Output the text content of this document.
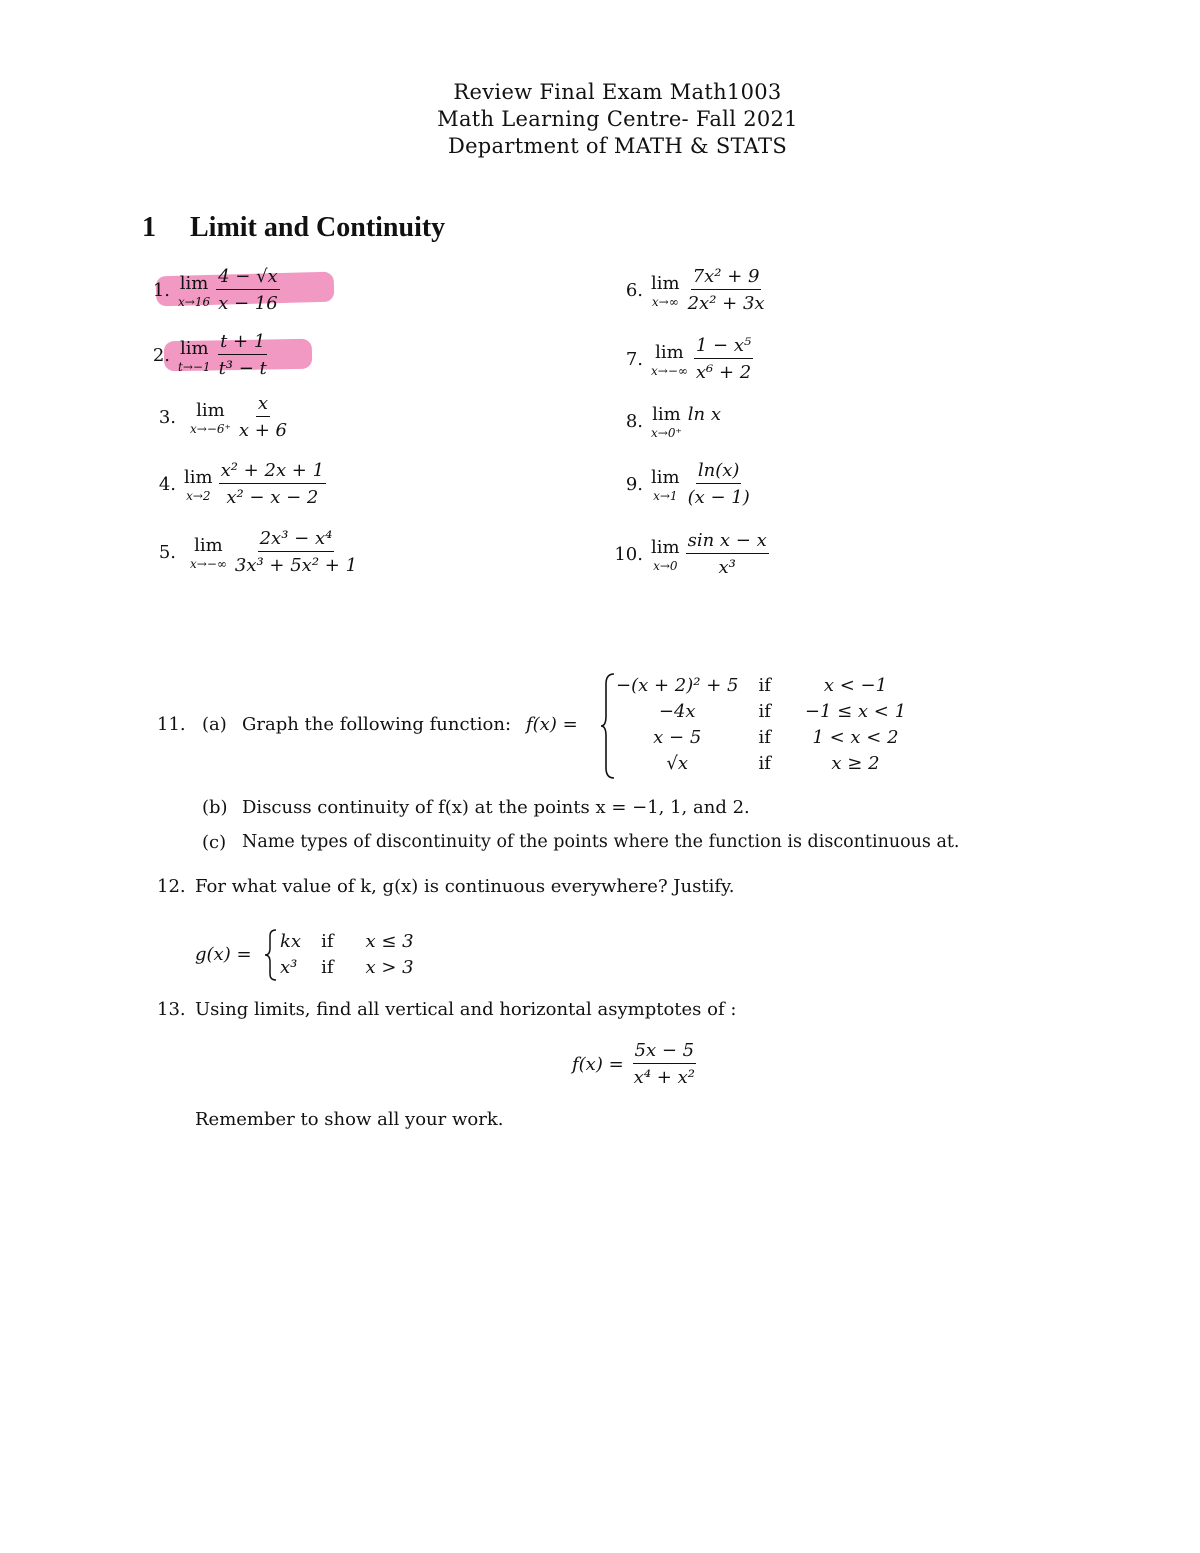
Review Final Exam Math1003
Math Learning Centre- Fall 2021
Department of MATH & STATS
1 Limit and Continuity
1. lim
$x\to 16 \frac{4 - √x}{x - 16}$
2. lim
$t\to-1 \frac{t + 1}{\text{t³ − t}}$
3. lim
$x\to-6^+ \frac{x}{x + 6}$
4. lim
$x\to 2 \frac{\text{x² + 2x + 1}}{\text{x² − x − 2}}$
5. lim
$x\to-\infty \frac{\text{2x³ − x⁴}}{\text{3x³ + 5x² + 1}}$
6. lim
$x\to\infty \frac{\text{7x² + 9}}{\text{2x² + 3x}}$
7. lim
$x\to-\infty \frac{\text{1 − x⁵}}{\text{x⁶ + 2}}$
8. lim
x→0⁺
ln x
9. lim
$x\to 1 \frac{\ln(x)}{(x - 1)}$
10. lim
$x\to 0 \frac{\text{sin x − x}}{\text{x³}}$
11. (a) Graph the following function: f(x) =
−(x + 2)² + 5	if	x < −1
−4x	if	−1 ≤ x < 1
x − 5	if	1 < x < 2
√x	if	x ≥ 2
(b) Discuss continuity of f(x) at the points x = −1, 1, and 2.
(c) Name types of discontinuity of the points where the function is discontinuous at.
12. For what value of k, g(x) is continuous everywhere? Justify.
g(x) =
kx	if	x ≤ 3
x³	if	x > 3
13. Using limits, find all vertical and horizontal asymptotes of :
$f(x) = \frac{5x - 5}{\text{x⁴ + x²}}$
Remember to show all your work.
